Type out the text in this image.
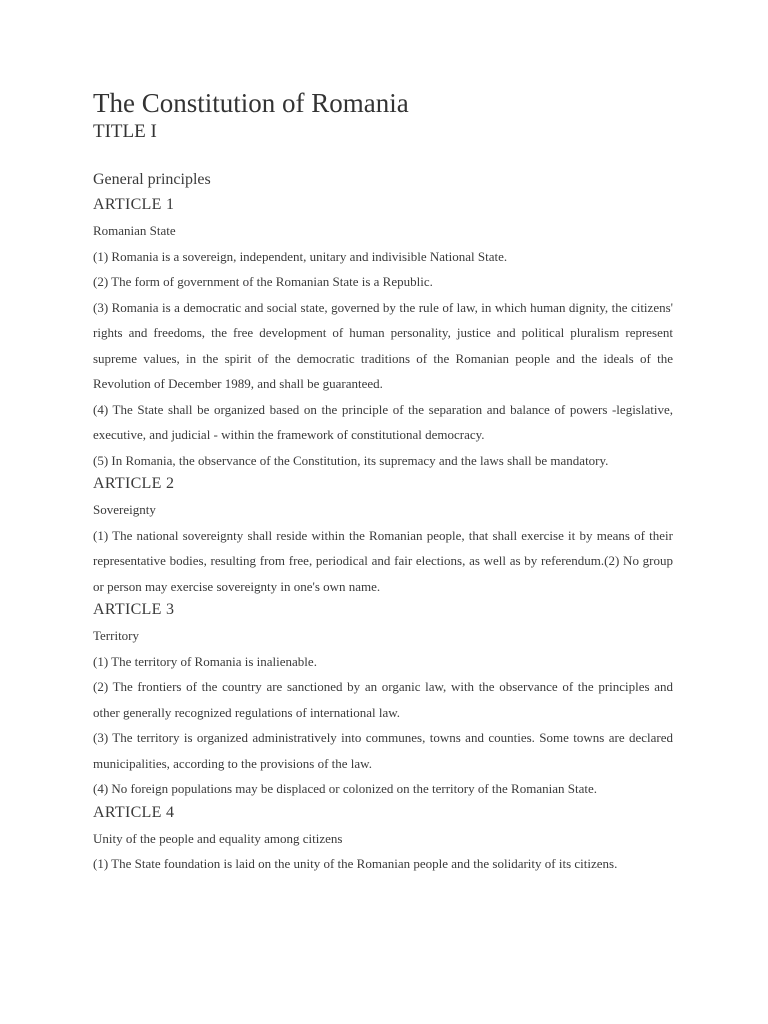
The Constitution of Romania
TITLE I
General principles
ARTICLE 1
Romanian State

(1) Romania is a sovereign, independent, unitary and indivisible National State.

(2) The form of government of the Romanian State is a Republic.

(3) Romania is a democratic and social state, governed by the rule of law, in which human dignity, the citizens' rights and freedoms, the free development of human personality, justice and political pluralism represent supreme values, in the spirit of the democratic traditions of the Romanian people and the ideals of the Revolution of December 1989, and shall be guaranteed.

(4) The State shall be organized based on the principle of the separation and balance of powers -legislative, executive, and judicial - within the framework of constitutional democracy.

(5) In Romania, the observance of the Constitution, its supremacy and the laws shall be mandatory.

ARTICLE 2
Sovereignty

(1) The national sovereignty shall reside within the Romanian people, that shall exercise it by means of their representative bodies, resulting from free, periodical and fair elections, as well as by referendum.(2) No group or person may exercise sovereignty in one's own name.

ARTICLE 3
Territory

(1) The territory of Romania is inalienable.

(2) The frontiers of the country are sanctioned by an organic law, with the observance of the principles and other generally recognized regulations of international law.

(3) The territory is organized administratively into communes, towns and counties. Some towns are declared municipalities, according to the provisions of the law.

(4) No foreign populations may be displaced or colonized on the territory of the Romanian State.

ARTICLE 4
Unity of the people and equality among citizens

(1) The State foundation is laid on the unity of the Romanian people and the solidarity of its citizens.
